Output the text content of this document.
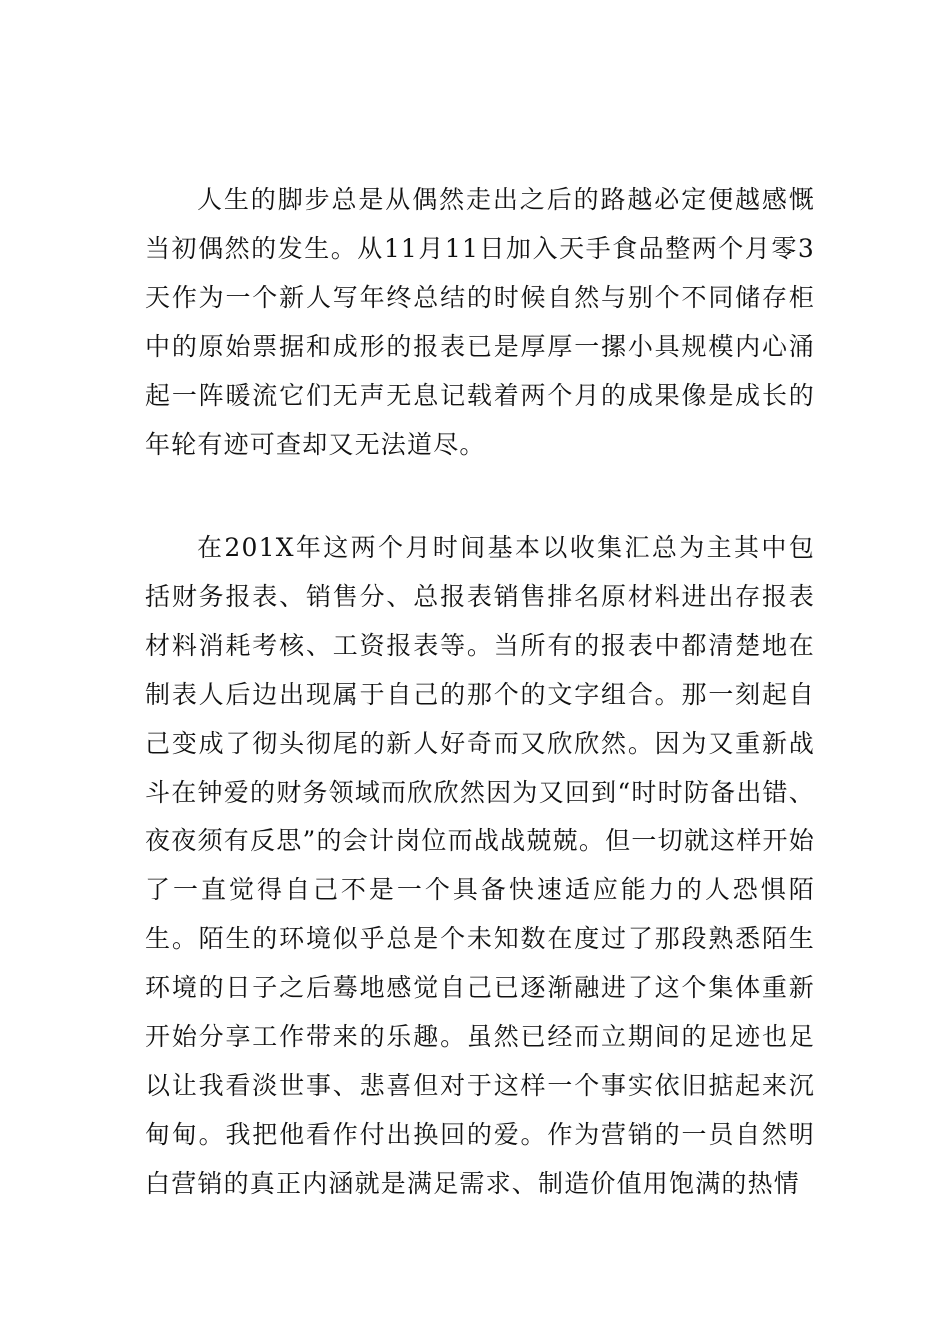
人生的脚步总是从偶然走出之后的路越必定便越感慨当初偶然的发生。从11月11日加入天手食品整两个月零3天作为一个新人写年终总结的时候自然与别个不同储存柜中的原始票据和成形的报表已是厚厚一摞小具规模内心涌起一阵暖流它们无声无息记载着两个月的成果像是成长的年轮有迹可查却又无法道尽。

在201X年这两个月时间基本以收集汇总为主其中包括财务报表、销售分、总报表销售排名原材料进出存报表材料消耗考核、工资报表等。当所有的报表中都清楚地在制表人后边出现属于自己的那个的文字组合。那一刻起自己变成了彻头彻尾的新人好奇而又欣欣然。因为又重新战斗在钟爱的财务领域而欣欣然因为又回到“时时防备出错、夜夜须有反思”的会计岗位而战战兢兢。但一切就这样开始了一直觉得自己不是一个具备快速适应能力的人恐惧陌生。陌生的环境似乎总是个未知数在度过了那段熟悉陌生环境的日子之后蓦地感觉自己已逐渐融进了这个集体重新开始分享工作带来的乐趣。虽然已经而立期间的足迹也足以让我看淡世事、悲喜但对于这样一个事实依旧掂起来沉甸甸。我把他看作付出换回的爱。作为营销的一员自然明白营销的真正内涵就是满足需求、制造价值用饱满的热情
